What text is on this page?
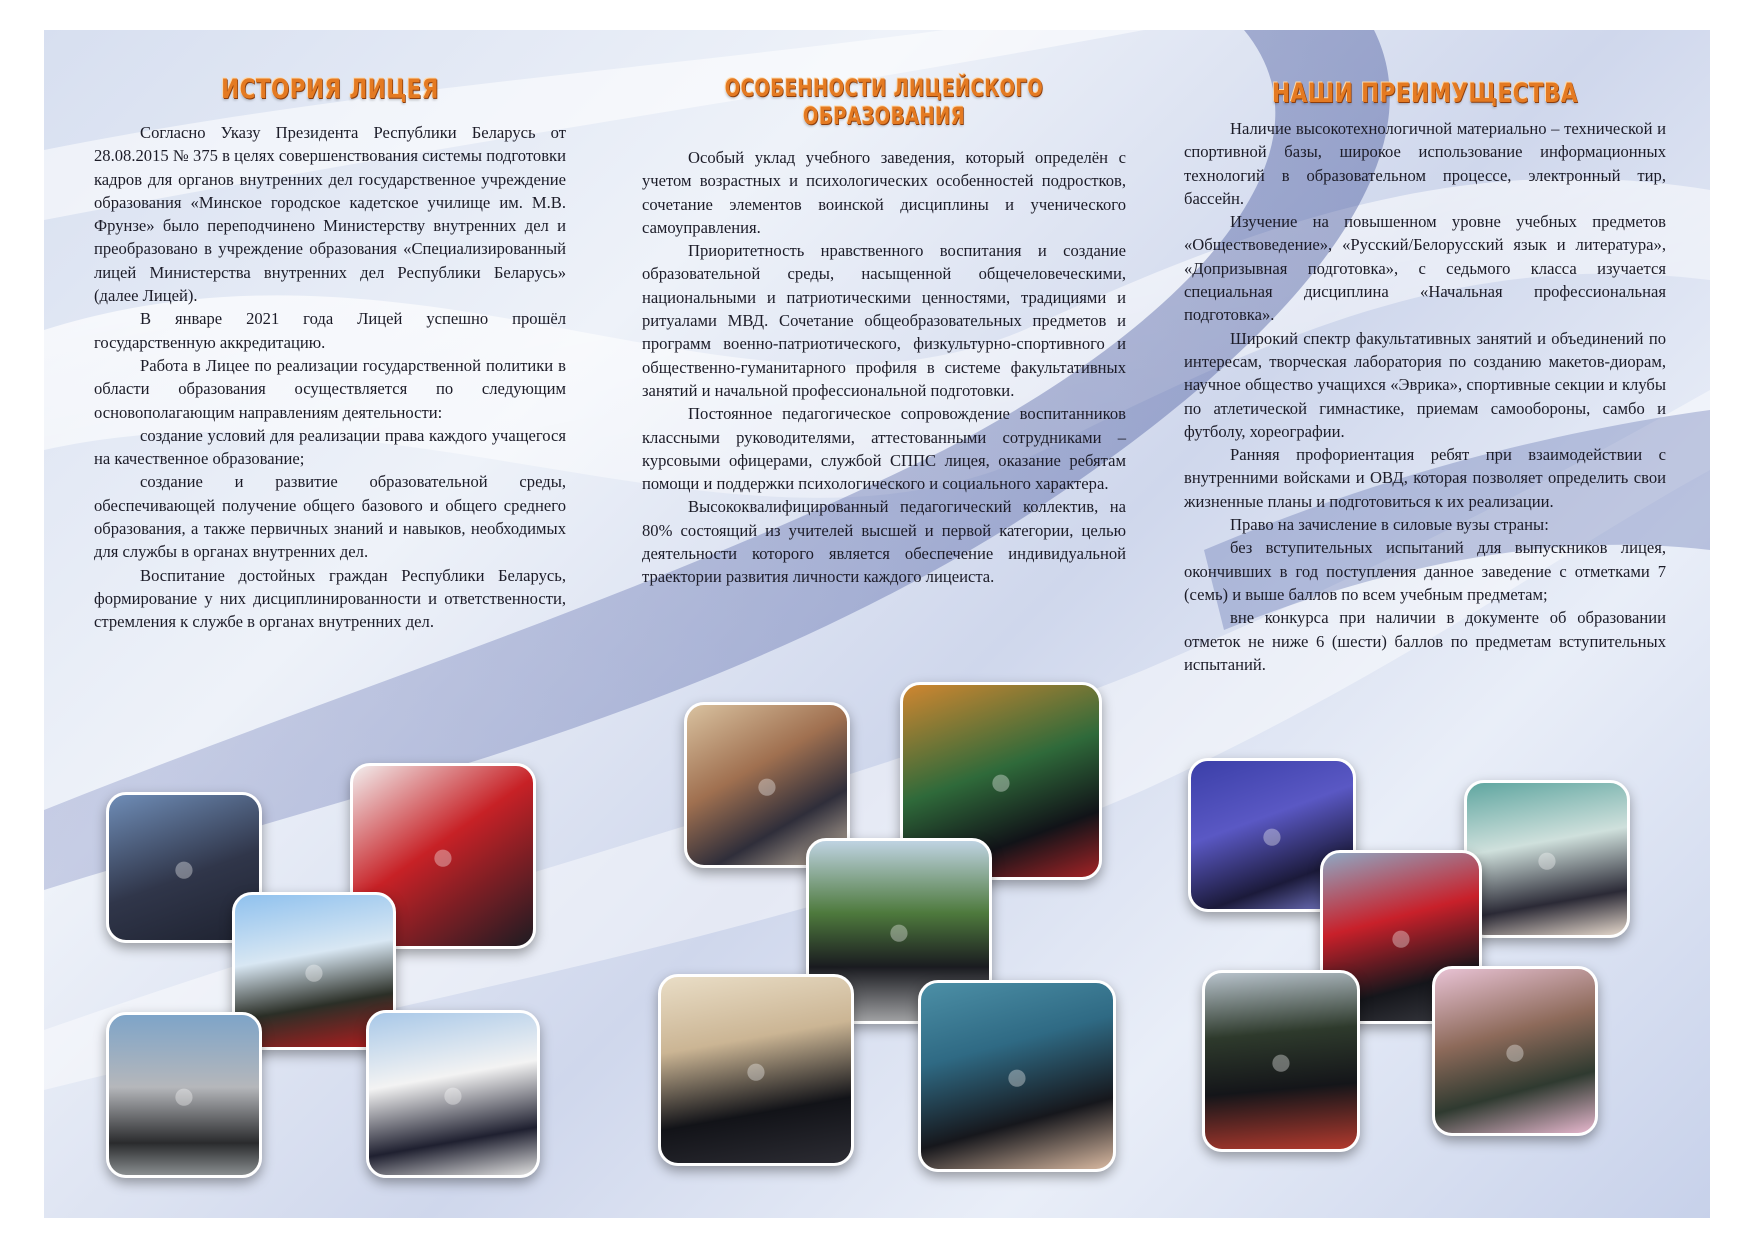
ИСТОРИЯ ЛИЦЕЯ

Согласно Указу Президента Республики Беларусь от 28.08.2015 № 375 в целях совершенствования системы подготовки кадров для органов внутренних дел государственное учреждение образования «Минское городское кадетское училище им. М.В. Фрунзе» было переподчинено Министерству внутренних дел и преобразовано в учреждение образования «Специализированный лицей Министерства внутренних дел Республики Беларусь» (далее Лицей).

В январе 2021 года Лицей успешно прошёл государственную аккредитацию.

Работа в Лицее по реализации государственной политики в области образования осуществляется по следующим основополагающим направлениям деятельности:

создание условий для реализации права каждого учащегося на качественное образование;

создание и развитие образовательной среды, обеспечивающей получение общего базового и общего среднего образования, а также первичных знаний и навыков, необходимых для службы в органах внутренних дел.

Воспитание достойных граждан Республики Беларусь, формирование у них дисциплинированности и ответственности, стремления к службе в органах внутренних дел.

ОСОБЕННОСТИ ЛИЦЕЙСКОГО ОБРАЗОВАНИЯ

Особый уклад учебного заведения, который определён с учетом возрастных и психологических особенностей подростков, сочетание элементов воинской дисциплины и ученического самоуправления.

Приоритетность нравственного воспитания и создание образовательной среды, насыщенной общечеловеческими, национальными и патриотическими ценностями, традициями и ритуалами МВД. Сочетание общеобразовательных предметов и программ военно-патриотического, физкультурно-спортивного и общественно-гуманитарного профиля в системе факультативных занятий и начальной профессиональной подготовки.

Постоянное педагогическое сопровождение воспитанников классными руководителями, аттестованными сотрудниками – курсовыми офицерами, службой СППС лицея, оказание ребятам помощи и поддержки психологического и социального характера.

Высококвалифицированный педагогический коллектив, на 80% состоящий из учителей высшей и первой категории, целью деятельности которого является обеспечение индивидуальной траектории развития личности каждого лицеиста.

НАШИ ПРЕИМУЩЕСТВА

Наличие высокотехнологичной материально – технической и спортивной базы, широкое использование информационных технологий в образовательном процессе, электронный тир, бассейн.

Изучение на повышенном уровне учебных предметов «Обществоведение», «Русский/Белорусский язык и литература», «Допризывная подготовка», с седьмого класса изучается специальная дисциплина «Начальная профессиональная подготовка».

Широкий спектр факультативных занятий и объединений по интересам, творческая лаборатория по созданию макетов-диорам, научное общество учащихся «Эврика», спортивные секции и клубы по атлетической гимнастике, приемам самообороны, самбо и футболу, хореографии.

Ранняя профориентация ребят при взаимодействии с внутренними войсками и ОВД, которая позволяет определить свои жизненные планы и подготовиться к их реализации.

Право на зачисление в силовые вузы страны:

без вступительных испытаний для выпускников лицея, окончивших в год поступления данное заведение с отметками 7 (семь) и выше баллов по всем учебным предметам;

вне конкурса при наличии в документе об образовании отметок не ниже 6 (шести) баллов по предметам вступительных испытаний.

●	●
●
●	●
●	●
●
●	●
●
●
●
●	●
